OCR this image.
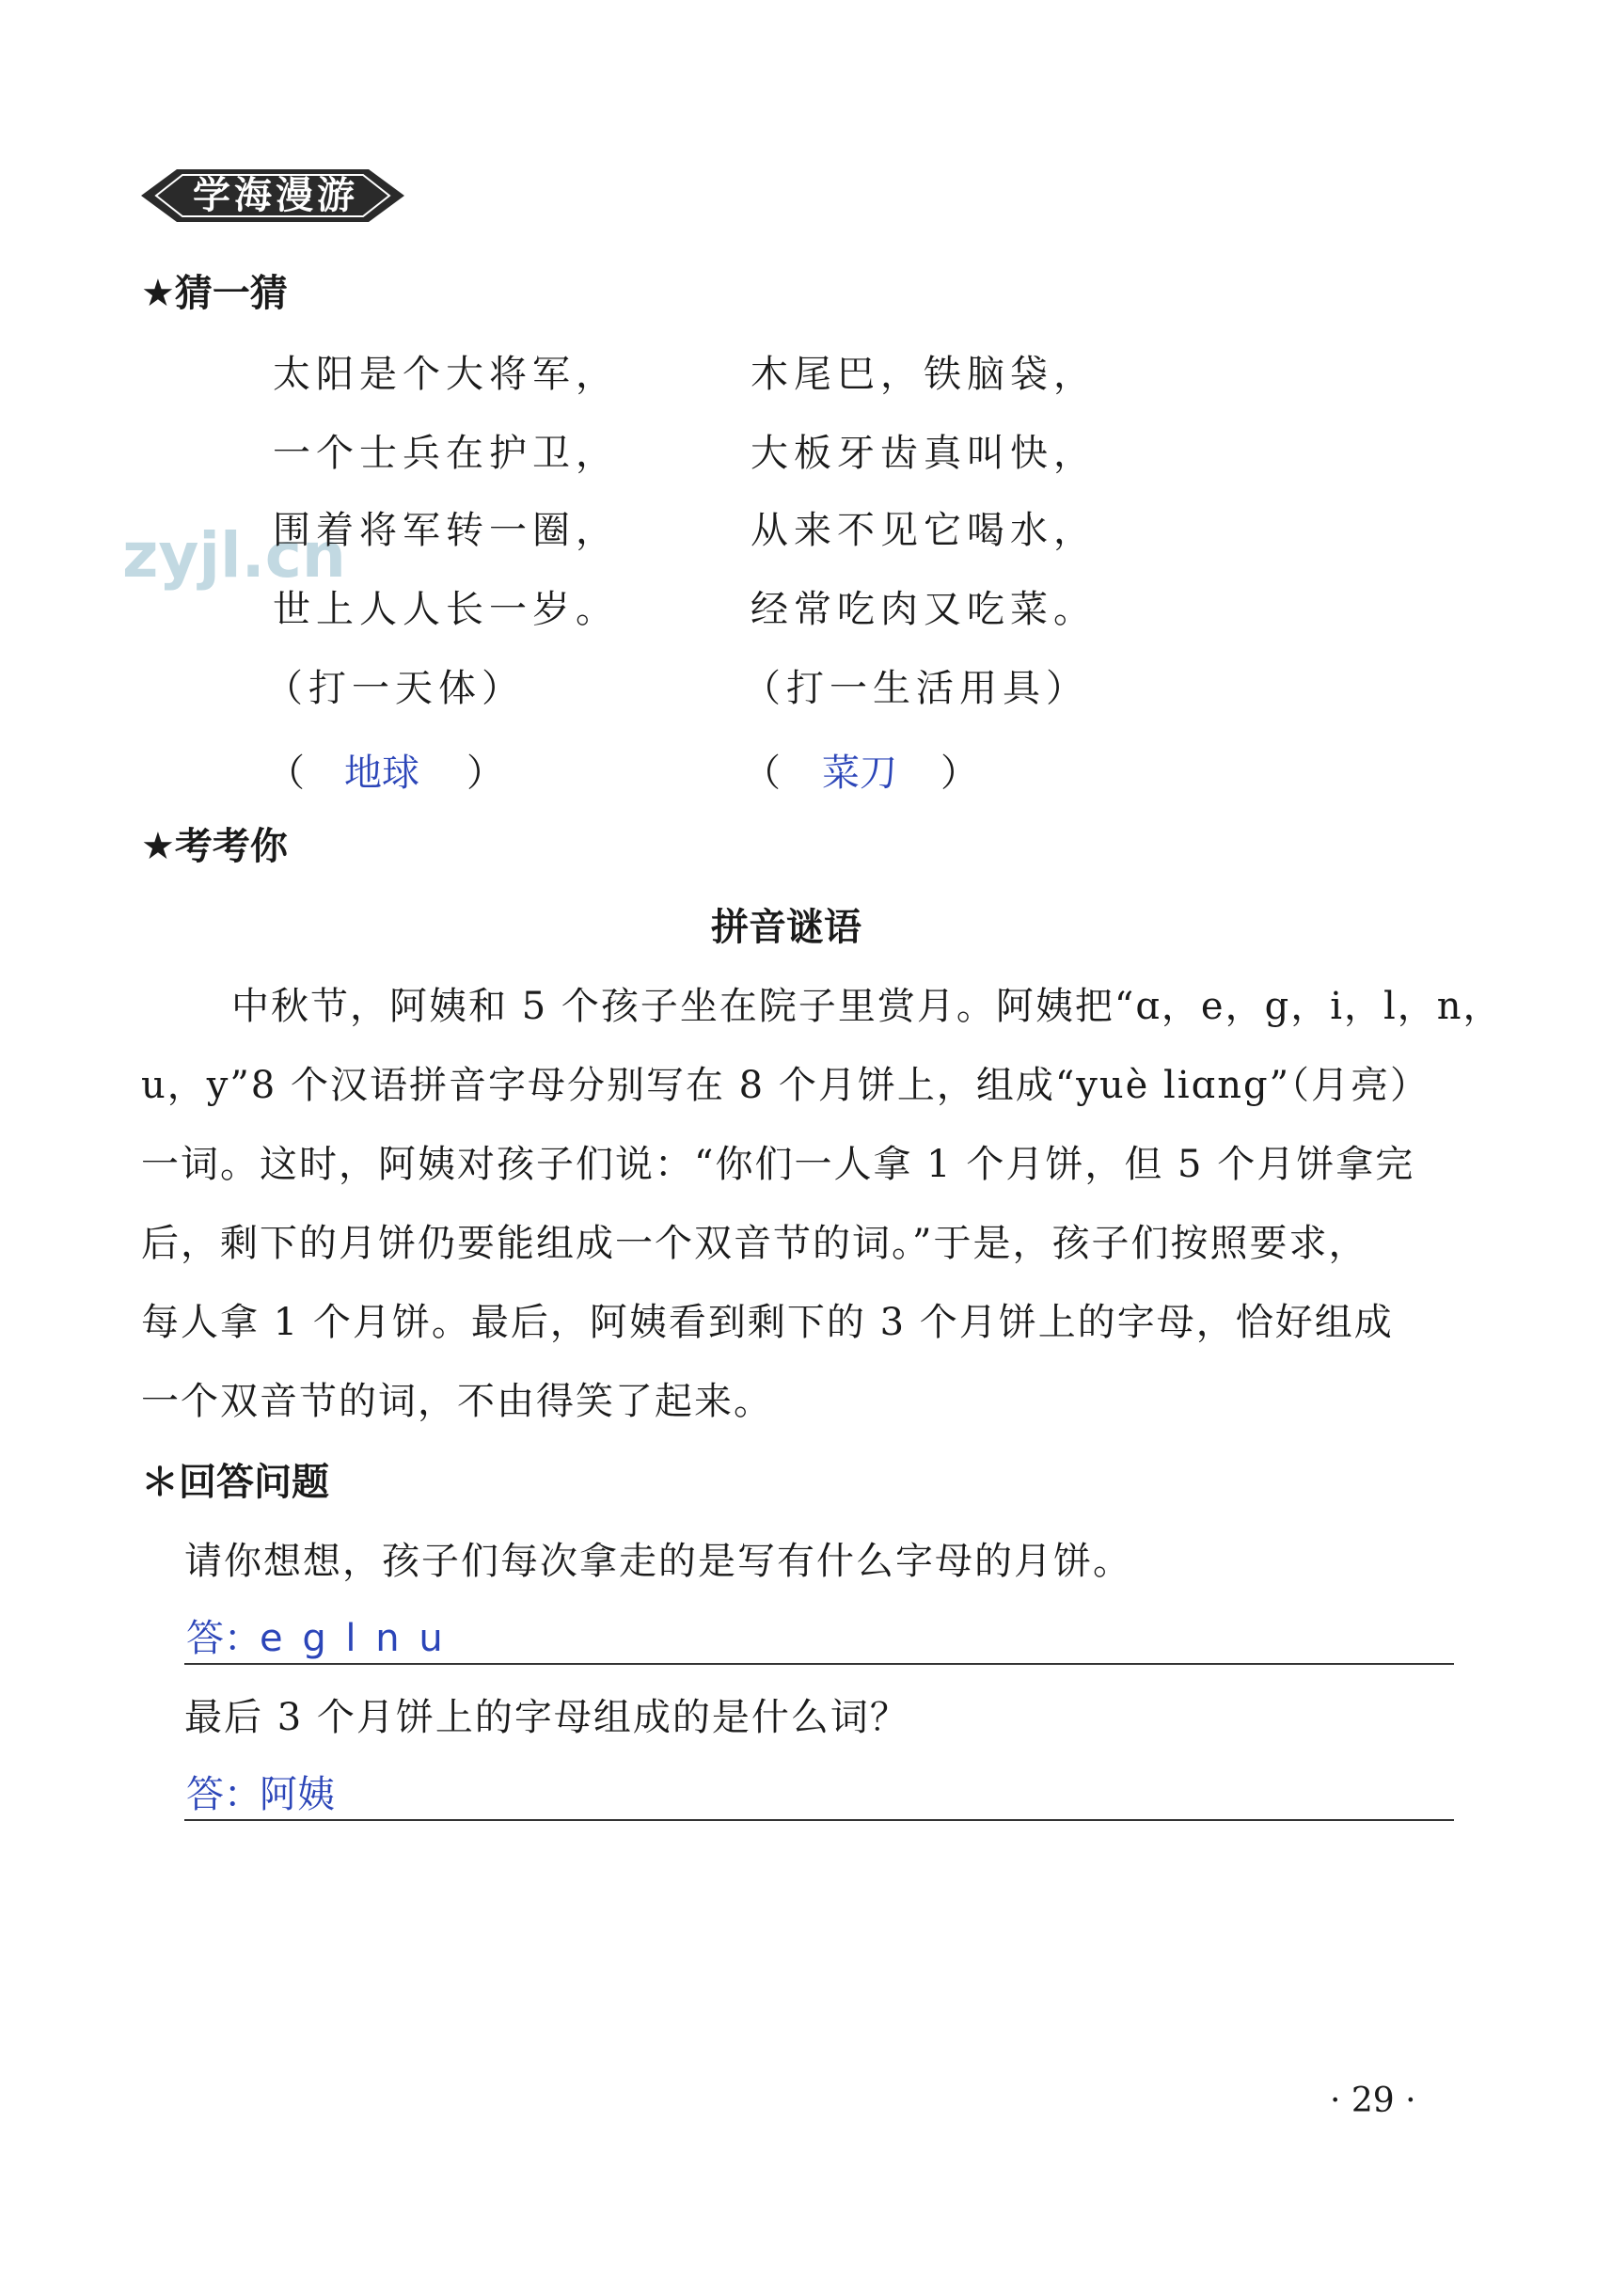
学海漫游
zyjl.cn
★猜一猜
太阳是个大将军，
一个士兵在护卫，
围着将军转一圈，
世上人人长一岁。
（打一天体）
木尾巴，铁脑袋，
大板牙齿真叫快，
从来不见它喝水，
经常吃肉又吃菜。
（打一生活用具）
（ 地球 ）	（ 菜刀 ）
★考考你
拼音谜语
中秋节，阿姨和 5 个孩子坐在院子里赏月。阿姨把“ɑ，e，g，i，l，n，
u，y”8 个汉语拼音字母分别写在 8 个月饼上，组成“yuè liɑng”（月亮）
一词。这时，阿姨对孩子们说：“你们一人拿 1 个月饼，但 5 个月饼拿完
后，剩下的月饼仍要能组成一个双音节的词。”于是，孩子们按照要求，
每人拿 1 个月饼。最后，阿姨看到剩下的 3 个月饼上的字母，恰好组成
一个双音节的词，不由得笑了起来。
＊回答问题
请你想想，孩子们每次拿走的是写有什么字母的月饼。
答：
e g l n u
最后 3 个月饼上的字母组成的是什么词？
答：
阿姨
· 29 ·
